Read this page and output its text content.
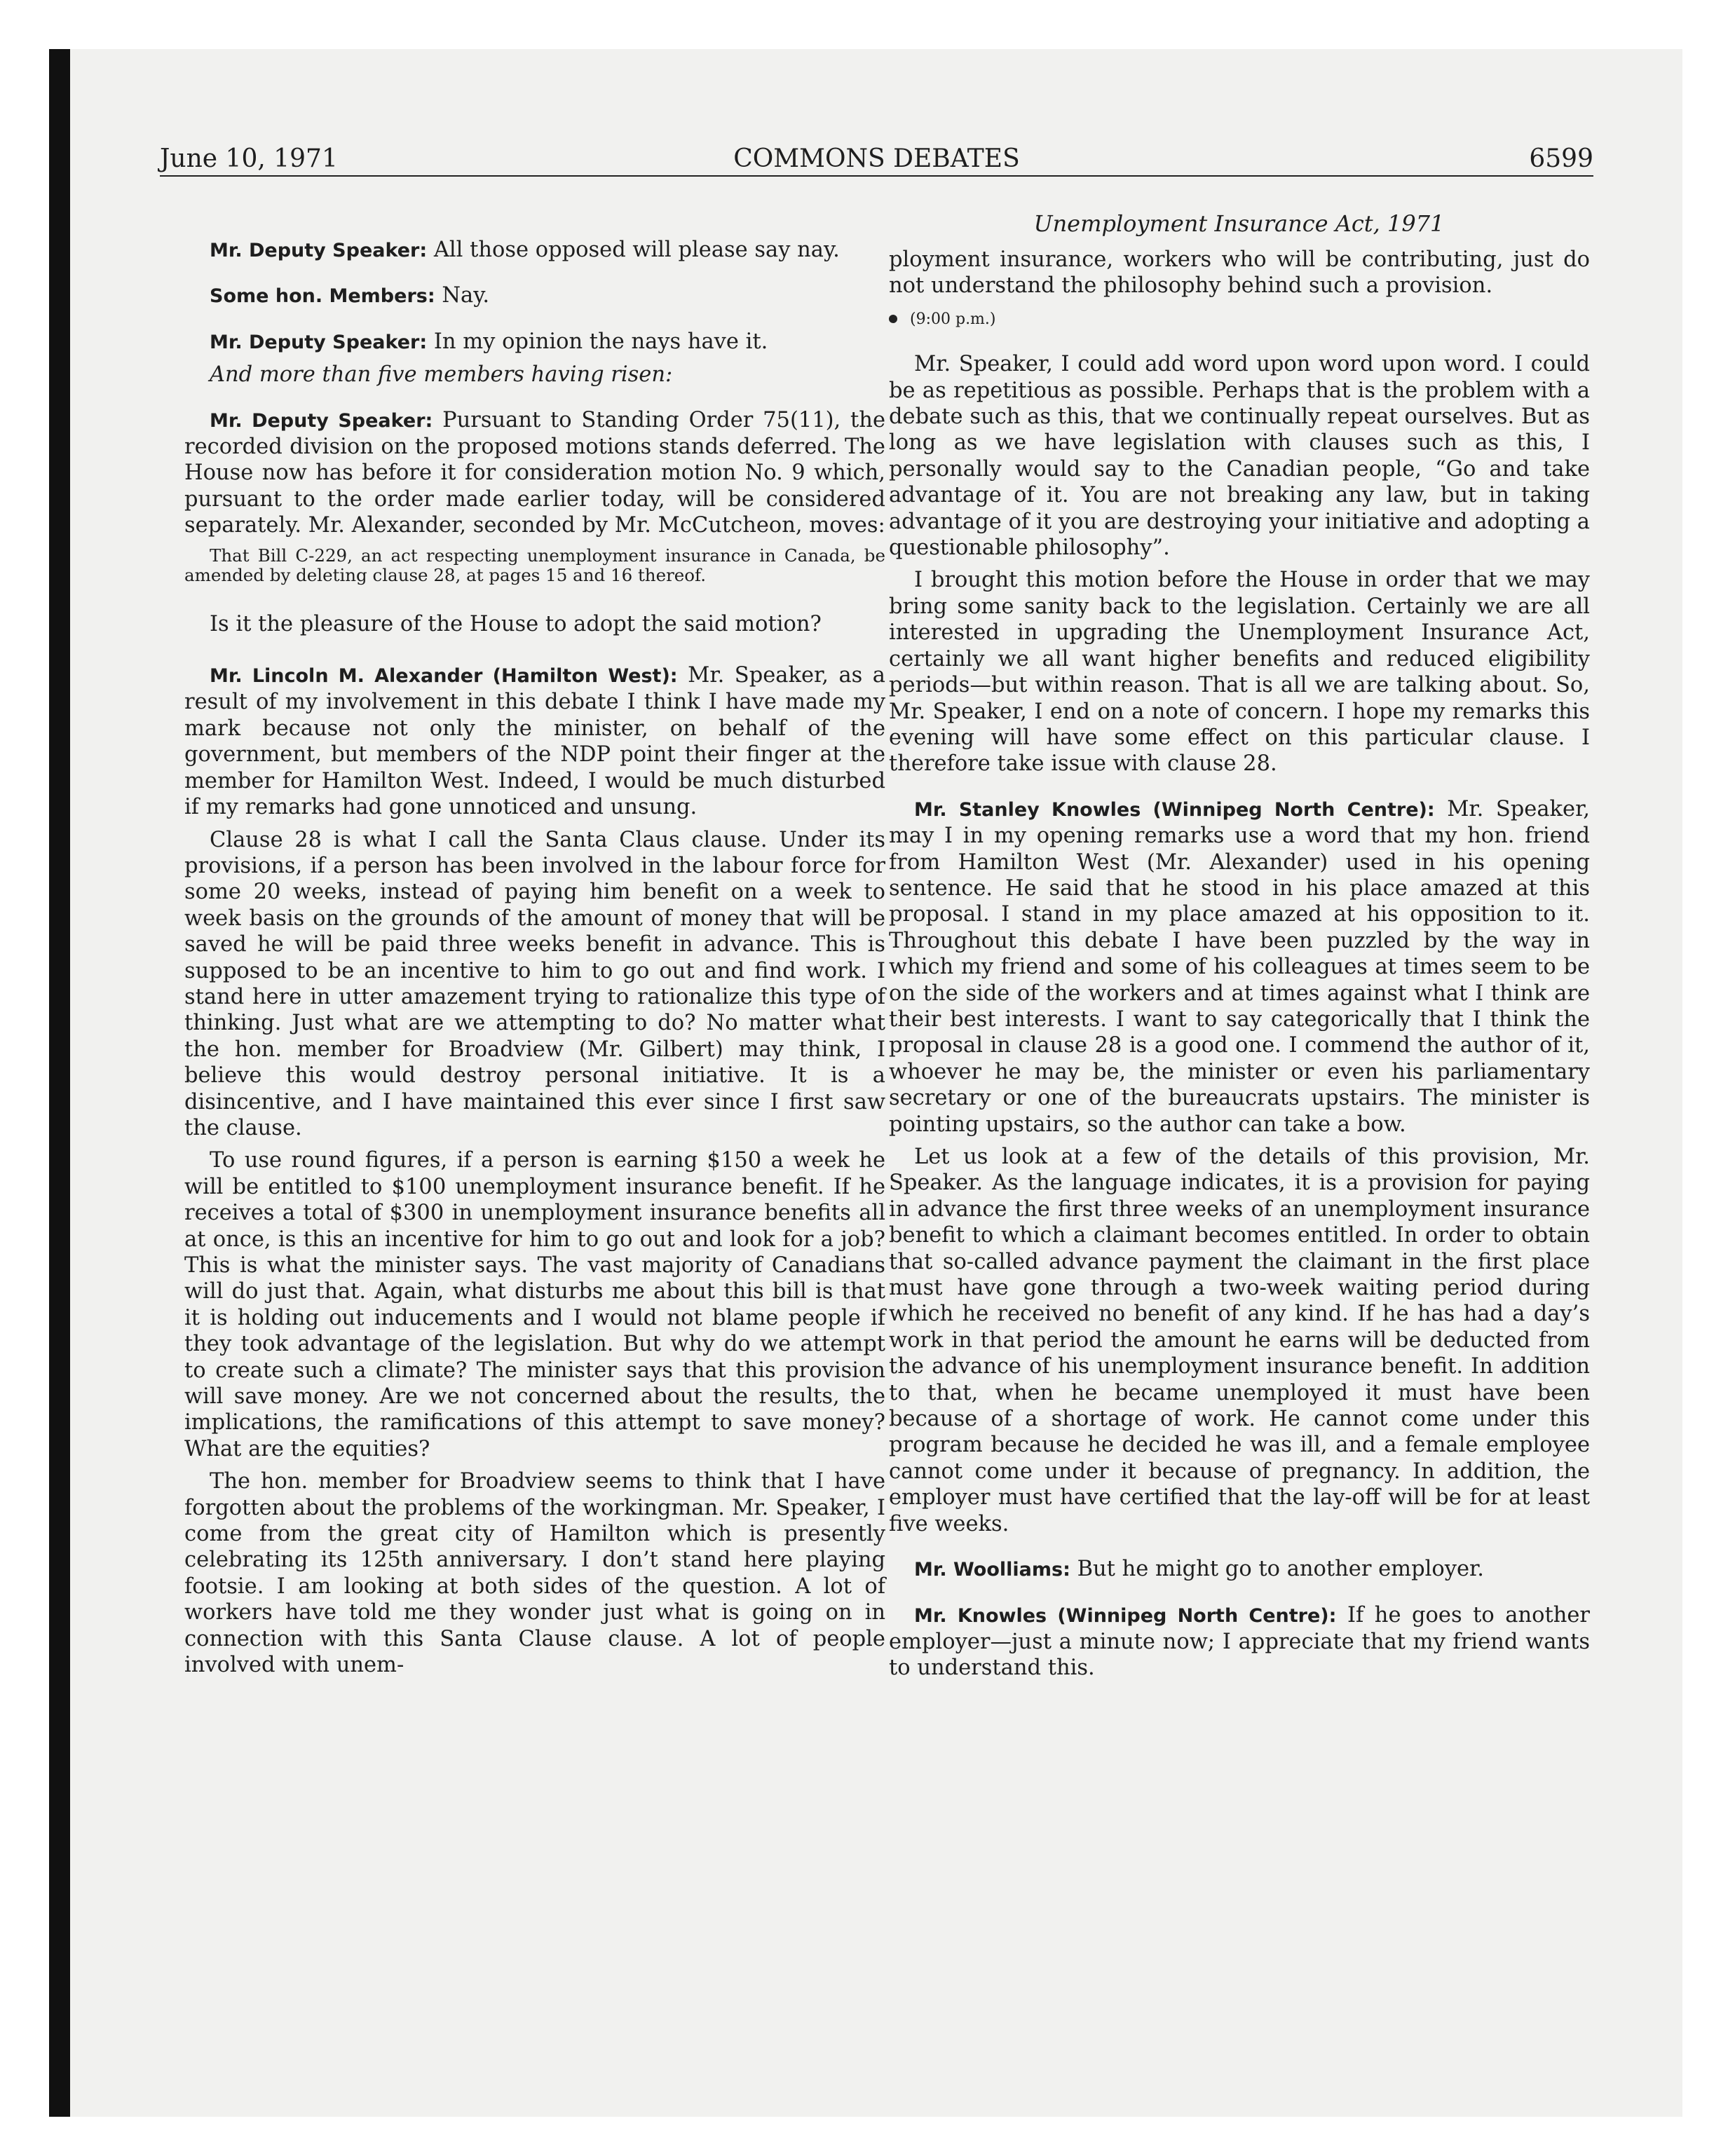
June 10, 1971	COMMONS DEBATES	6599
Unemployment Insurance Act, 1971

Mr. Deputy Speaker: All those opposed will please say nay.

Some hon. Members: Nay.

Mr. Deputy Speaker: In my opinion the nays have it.

And more than five members having risen:

Mr. Deputy Speaker: Pursuant to Standing Order 75(11), the recorded division on the proposed motions stands deferred. The House now has before it for consideration motion No. 9 which, pursuant to the order made earlier today, will be considered separately. Mr. Alexander, seconded by Mr. McCutcheon, moves:

That Bill C-229, an act respecting unemployment insurance in Canada, be amended by deleting clause 28, at pages 15 and 16 thereof.

Is it the pleasure of the House to adopt the said motion?

Mr. Lincoln M. Alexander (Hamilton West): Mr. Speaker, as a result of my involvement in this debate I think I have made my mark because not only the minister, on behalf of the government, but members of the NDP point their finger at the member for Hamilton West. Indeed, I would be much disturbed if my remarks had gone unnoticed and unsung.

Clause 28 is what I call the Santa Claus clause. Under its provisions, if a person has been involved in the labour force for some 20 weeks, instead of paying him benefit on a week to week basis on the grounds of the amount of money that will be saved he will be paid three weeks benefit in advance. This is supposed to be an incentive to him to go out and find work. I stand here in utter amazement trying to rationalize this type of thinking. Just what are we attempting to do? No matter what the hon. member for Broadview (Mr. Gilbert) may think, I believe this would destroy personal initiative. It is a disincentive, and I have maintained this ever since I first saw the clause.

To use round figures, if a person is earning $150 a week he will be entitled to $100 unemployment insurance benefit. If he receives a total of $300 in unemployment insurance benefits all at once, is this an incentive for him to go out and look for a job? This is what the minister says. The vast majority of Canadians will do just that. Again, what disturbs me about this bill is that it is holding out inducements and I would not blame people if they took advantage of the legislation. But why do we attempt to create such a climate? The minister says that this provision will save money. Are we not concerned about the results, the implications, the ramifications of this attempt to save money? What are the equities?

The hon. member for Broadview seems to think that I have forgotten about the problems of the workingman. Mr. Speaker, I come from the great city of Hamilton which is presently celebrating its 125th anniversary. I don’t stand here playing footsie. I am looking at both sides of the question. A lot of workers have told me they wonder just what is going on in connection with this Santa Clause clause. A lot of people involved with unem-

ployment insurance, workers who will be contributing, just do not understand the philosophy behind such a provision.

(9:00 p.m.)

Mr. Speaker, I could add word upon word upon word. I could be as repetitious as possible. Perhaps that is the problem with a debate such as this, that we continually repeat ourselves. But as long as we have legislation with clauses such as this, I personally would say to the Canadian people, “Go and take advantage of it. You are not breaking any law, but in taking advantage of it you are destroying your initiative and adopting a questionable philosophy”.

I brought this motion before the House in order that we may bring some sanity back to the legislation. Certainly we are all interested in upgrading the Unemployment Insurance Act, certainly we all want higher benefits and reduced eligibility periods—but within reason. That is all we are talking about. So, Mr. Speaker, I end on a note of concern. I hope my remarks this evening will have some effect on this particular clause. I therefore take issue with clause 28.

Mr. Stanley Knowles (Winnipeg North Centre): Mr. Speaker, may I in my opening remarks use a word that my hon. friend from Hamilton West (Mr. Alexander) used in his opening sentence. He said that he stood in his place amazed at this proposal. I stand in my place amazed at his opposition to it. Throughout this debate I have been puzzled by the way in which my friend and some of his colleagues at times seem to be on the side of the workers and at times against what I think are their best interests. I want to say categorically that I think the proposal in clause 28 is a good one. I commend the author of it, whoever he may be, the minister or even his parliamentary secretary or one of the bureaucrats upstairs. The minister is pointing upstairs, so the author can take a bow.

Let us look at a few of the details of this provision, Mr. Speaker. As the language indicates, it is a provision for paying in advance the first three weeks of an unemployment insurance benefit to which a claimant becomes entitled. In order to obtain that so-called advance payment the claimant in the first place must have gone through a two-week waiting period during which he received no benefit of any kind. If he has had a day’s work in that period the amount he earns will be deducted from the advance of his unemployment insurance benefit. In addition to that, when he became unemployed it must have been because of a shortage of work. He cannot come under this program because he decided he was ill, and a female employee cannot come under it because of pregnancy. In addition, the employer must have certified that the lay-off will be for at least five weeks.

Mr. Woolliams: But he might go to another employer.

Mr. Knowles (Winnipeg North Centre): If he goes to another employer—just a minute now; I appreciate that my friend wants to understand this.
